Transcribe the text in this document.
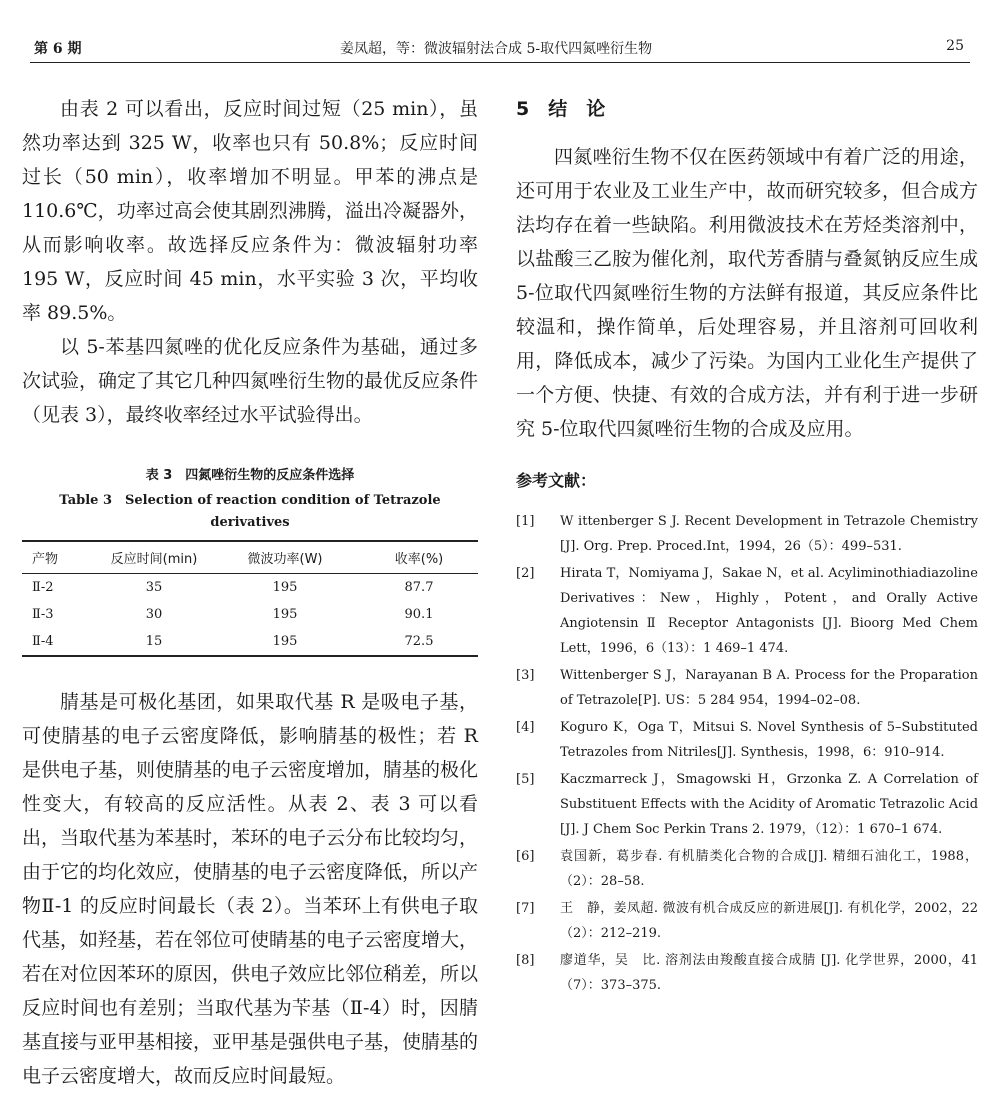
第 6 期	姜凤超，等：微波辐射法合成 5-取代四氮唑衍生物	25

由表 2 可以看出，反应时间过短（25 min），虽然功率达到 325 W，收率也只有 50.8%；反应时间过长（50 min），收率增加不明显。甲苯的沸点是 110.6℃，功率过高会使其剧烈沸腾，溢出冷凝器外，从而影响收率。故选择反应条件为：微波辐射功率 195 W，反应时间 45 min，水平实验 3 次，平均收率 89.5%。

以 5-苯基四氮唑的优化反应条件为基础，通过多次试验，确定了其它几种四氮唑衍生物的最优反应条件（见表 3），最终收率经过水平试验得出。

表 3　四氮唑衍生物的反应条件选择
Table 3　Selection of reaction condition of Tetrazole derivatives
产物	反应时间(min)	微波功率(W)	收率(%)
Ⅱ-2	35	195	87.7
Ⅱ-3	30	195	90.1
Ⅱ-4	15	195	72.5

腈基是可极化基团，如果取代基 R 是吸电子基，可使腈基的电子云密度降低，影响腈基的极性；若 R 是供电子基，则使腈基的电子云密度增加，腈基的极化性变大，有较高的反应活性。从表 2、表 3 可以看出，当取代基为苯基时，苯环的电子云分布比较均匀，由于它的均化效应，使腈基的电子云密度降低，所以产物Ⅱ-1 的反应时间最长（表 2）。当苯环上有供电子取代基，如羟基，若在邻位可使睛基的电子云密度增大，若在对位因苯环的原因，供电子效应比邻位稍差，所以反应时间也有差别；当取代基为苄基（Ⅱ-4）时，因腈基直接与亚甲基相接，亚甲基是强供电子基，使腈基的电子云密度增大，故而反应时间最短。

5　结　论

四氮唑衍生物不仅在医药领域中有着广泛的用途，还可用于农业及工业生产中，故而研究较多，但合成方法均存在着一些缺陷。利用微波技术在芳烃类溶剂中，以盐酸三乙胺为催化剂，取代芳香腈与叠氮钠反应生成 5-位取代四氮唑衍生物的方法鲜有报道，其反应条件比较温和，操作简单，后处理容易，并且溶剂可回收利用，降低成本，减少了污染。为国内工业化生产提供了一个方便、快捷、有效的合成方法，并有利于进一步研究 5-位取代四氮唑衍生物的合成及应用。

参考文献：
[1] W ittenberger S J. Recent Development in Tetrazole Chemistry [J]. Org. Prep. Proced.Int，1994，26（5）：499–531.
[2] Hirata T，Nomiyama J，Sakae N，et al. Acyliminothiadiazoline Derivatives：New，Highly，Potent，and Orally Active Angiotensin Ⅱ Receptor Antagonists [J]. Bioorg Med Chem Lett，1996，6（13）：1 469–1 474.
[3] Wittenberger S J，Narayanan B A. Process for the Proparation of Tetrazole[P]. US：5 284 954，1994–02–08.
[4] Koguro K，Oga T，Mitsui S. Novel Synthesis of 5–Substituted Tetrazoles from Nitriles[J]. Synthesis，1998，6：910–914.
[5] Kaczmarreck J，Smagowski H，Grzonka Z. A Correlation of Substituent Effects with the Acidity of Aromatic Tetrazolic Acid [J]. J Chem Soc Perkin Trans 2. 1979，（12）：1 670–1 674.
[6] 袁国新，葛步春. 有机腈类化合物的合成[J]. 精细石油化工，1988，（2）：28–58.
[7] 王　静，姜凤超. 微波有机合成反应的新进展[J]. 有机化学，2002，22（2）：212–219.
[8] 廖道华，吴　比. 溶剂法由羧酸直接合成腈 [J]. 化学世界，2000，41（7）：373–375.
